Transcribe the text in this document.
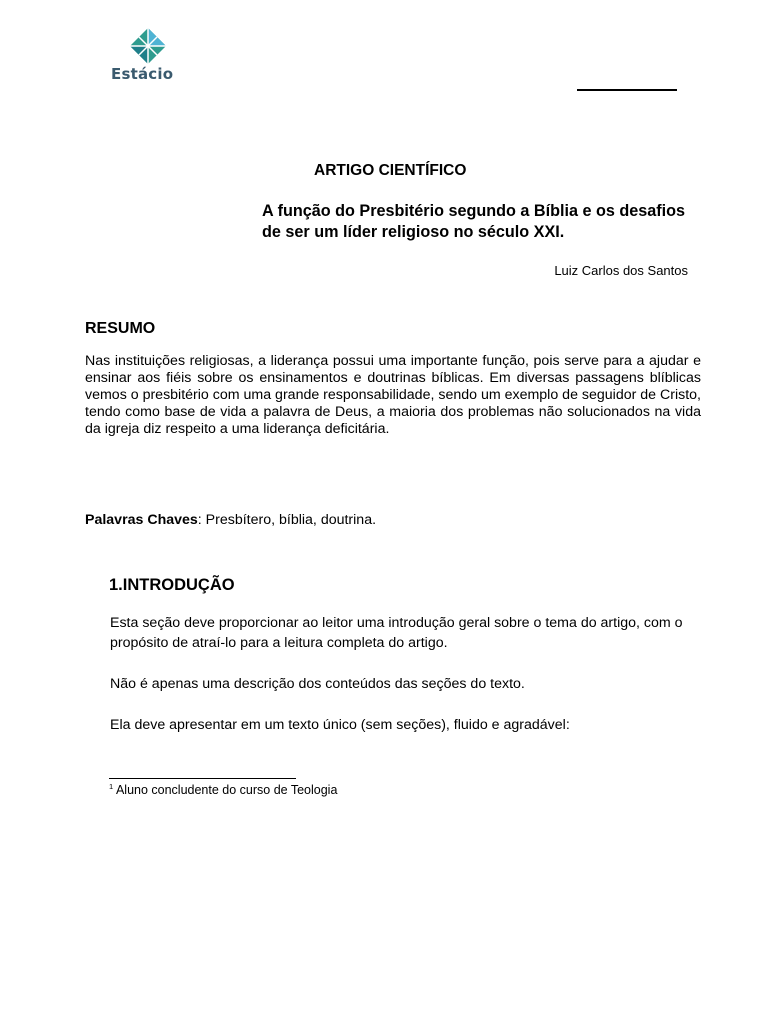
Estácio
ARTIGO CIENTÍFICO
A função do Presbitério segundo a Bíblia e os desafios de ser um líder religioso no século XXI.
Luiz Carlos dos Santos
RESUMO
Nas instituições religiosas, a liderança possui uma importante função, pois serve para a ajudar e ensinar aos fiéis sobre os ensinamentos e doutrinas bíblicas. Em diversas passagens blíblicas vemos o presbitério com uma grande responsabilidade, sendo um exemplo de seguidor de Cristo, tendo como base de vida a palavra de Deus, a maioria dos problemas não solucionados na vida da igreja diz respeito a uma liderança deficitária.
Palavras Chaves: Presbítero, bíblia, doutrina.
1.INTRODUÇÃO
Esta seção deve proporcionar ao leitor uma introdução geral sobre o tema do artigo, com o propósito de atraí-lo para a leitura completa do artigo.
Não é apenas uma descrição dos conteúdos das seções do texto.
Ela deve apresentar em um texto único (sem seções), fluido e agradável:
$^1$ Aluno concludente do curso de Teologia
